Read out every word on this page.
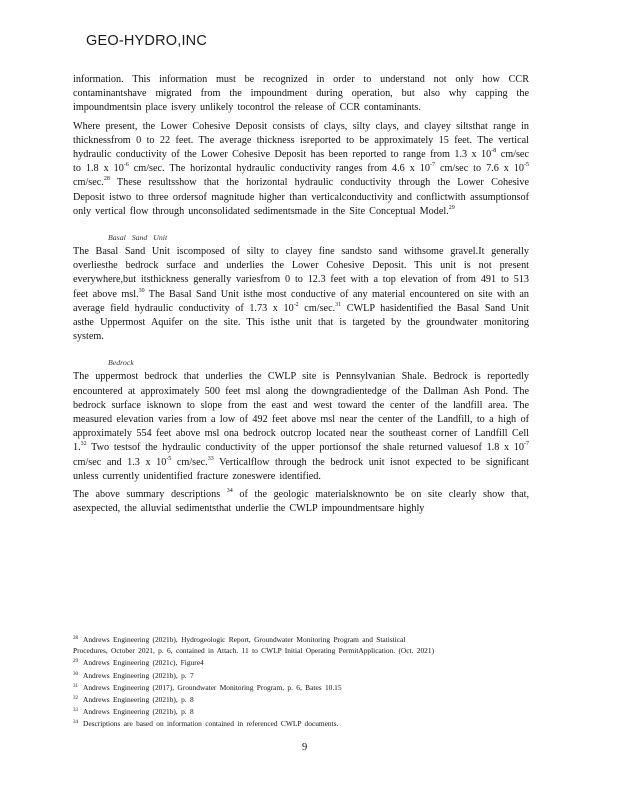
GEO-HYDRO,INC

information. This information must be recognized in order to understand not only how CCR contaminantshave migrated from the impoundment during operation, but also why capping the impoundmentsin place isvery unlikely tocontrol the release of CCR contaminants.

Where present, the Lower Cohesive Deposit consists of clays, silty clays, and clayey siltsthat range in thicknessfrom 0 to 22 feet. The average thickness isreported to be approximately 15 feet. The vertical hydraulic conductivity of the Lower Cohesive Deposit has been reported to range from 1.3 x $10^{-8}$ cm/sec to 1.8 x $10^{-6}$ cm/sec. The horizontal hydraulic conductivity ranges from 4.6 x $10^{-7}$ cm/sec to 7.6 x $10^{-5}$ cm/sec.$^{28}$ These resultsshow that the horizontal hydraulic conductivity through the Lower Cohesive Deposit istwo to three ordersof magnitude higher than verticalconductivity and conflictwith assumptionsof only vertical flow through unconsolidated sedimentsmade in the Site Conceptual Model.$^{29}$

Basal Sand Unit

The Basal Sand Unit iscomposed of silty to clayey fine sandsto sand withsome gravel.It generally overliesthe bedrock surface and underlies the Lower Cohesive Deposit. This unit is not present everywhere,but itsthickness generally variesfrom 0 to 12.3 feet with a top elevation of from 491 to 513 feet above msl.$^{30}$ The Basal Sand Unit isthe most conductive of any material encountered on site with an average field hydraulic conductivity of 1.73 x $10^{-2}$ cm/sec.$^{31}$ CWLP hasidentified the Basal Sand Unit asthe Uppermost Aquifer on the site. This isthe unit that is targeted by the groundwater monitoring system.

Bedrock

The uppermost bedrock that underlies the CWLP site is Pennsylvanian Shale. Bedrock is reportedly encountered at approximately 500 feet msl along the downgradientedge of the Dallman Ash Pond. The bedrock surface isknown to slope from the east and west toward the center of the landfill area. The measured elevation varies from a low of 492 feet above msl near the center of the Landfill, to a high of approximately 554 feet above msl ona bedrock outcrop located near the southeast corner of Landfill Cell 1.32 Two testsof the hydraulic conductivity of the upper portionsof the shale returned valuesof 1.8 x $10^{-7}$ cm/sec and 1.3 x $10^{-5}$ cm/sec.$^{33}$ Verticalflow through the bedrock unit isnot expected to be significant unless currently unidentified fracture zoneswere identified.

The above summary descriptions $^{34}$ of the geologic materialsknownto be on site clearly show that, asexpected, the alluvial sedimentsthat underlie the CWLP impoundmentsare highly

28 Andrews Engineering (2021b), Hydrogeologic Report, Groundwater Monitoring Program and Statistical

Procedures, October 2021, p. 6, contained in Attach. 11 to CWLP Initial Operating PermitApplication. (Oct. 2021)

29 Andrews Engineering (2021c), Figure4

30 Andrews Engineering (2021b), p. 7

31 Andrews Engineering (2017), Groundwater Monitoring Program, p. 6, Bates 10.15

32 Andrews Engineering (2021b), p. 8

33 Andrews Engineering (2021b), p. 8

34 Descriptions are based on information contained in referenced CWLP documents.

9
